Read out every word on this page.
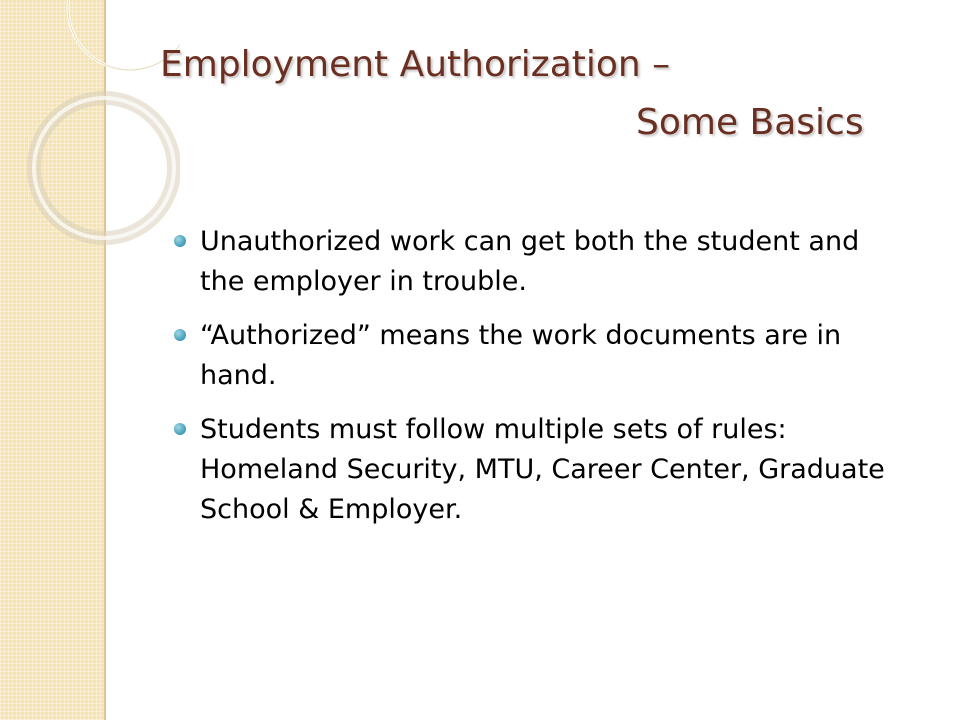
Employment Authorization –
Some Basics
Unauthorized work can get both the student and the employer in trouble.
“Authorized” means the work documents are in hand.
Students must follow multiple sets of rules: Homeland Security, MTU, Career Center, Graduate School & Employer.
